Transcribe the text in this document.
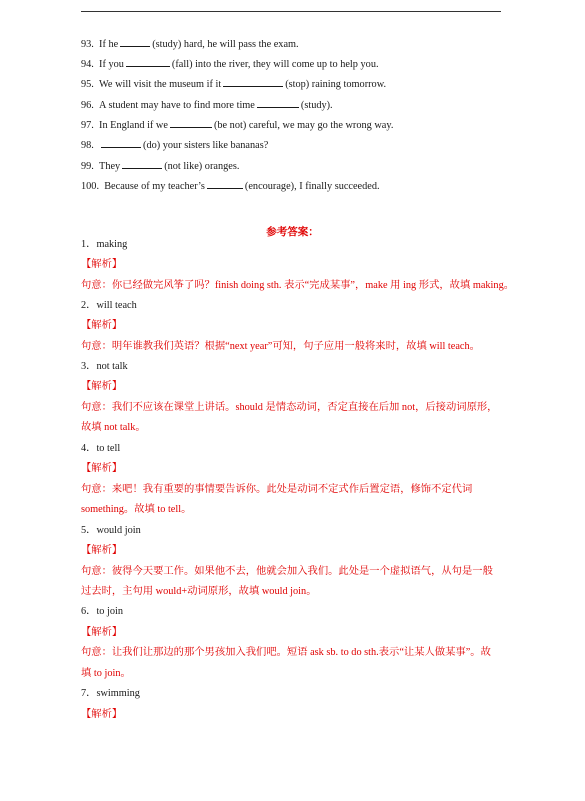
93. If he	(study) hard, he will pass the exam.
94. If you	(fall) into the river, they will come up to help you.
95. We will visit the museum if it	(stop) raining tomorrow.
96. A student may have to find more time	(study).
97. In England if we	(be not) careful, we may go the wrong way.
98.	(do) your sisters like bananas?
99. They	(not like) oranges.
100. Because of my teacher’s	(encourage), I finally succeeded.
参考答案：
1．making
【解析】
句意：你已经做完风筝了吗？finish doing sth. 表示“完成某事”，make 用 ing 形式，故填 making。
2．will teach
【解析】
句意：明年谁教我们英语？根据“next year”可知，句子应用一般将来时，故填 will teach。
3．not talk
【解析】
句意：我们不应该在课堂上讲话。should 是情态动词，否定直接在后加 not，后接动词原形，
故填 not talk。
4．to tell
【解析】
句意：来吧！我有重要的事情要告诉你。此处是动词不定式作后置定语，修饰不定代词
something。故填 to tell。
5．would join
【解析】
句意：彼得今天要工作。如果他不去，他就会加入我们。此处是一个虚拟语气，从句是一般
过去时，主句用 would+动词原形，故填 would join。
6．to join
【解析】
句意：让我们让那边的那个男孩加入我们吧。短语 ask sb. to do sth.表示“让某人做某事”。故
填 to join。
7．swimming
【解析】
